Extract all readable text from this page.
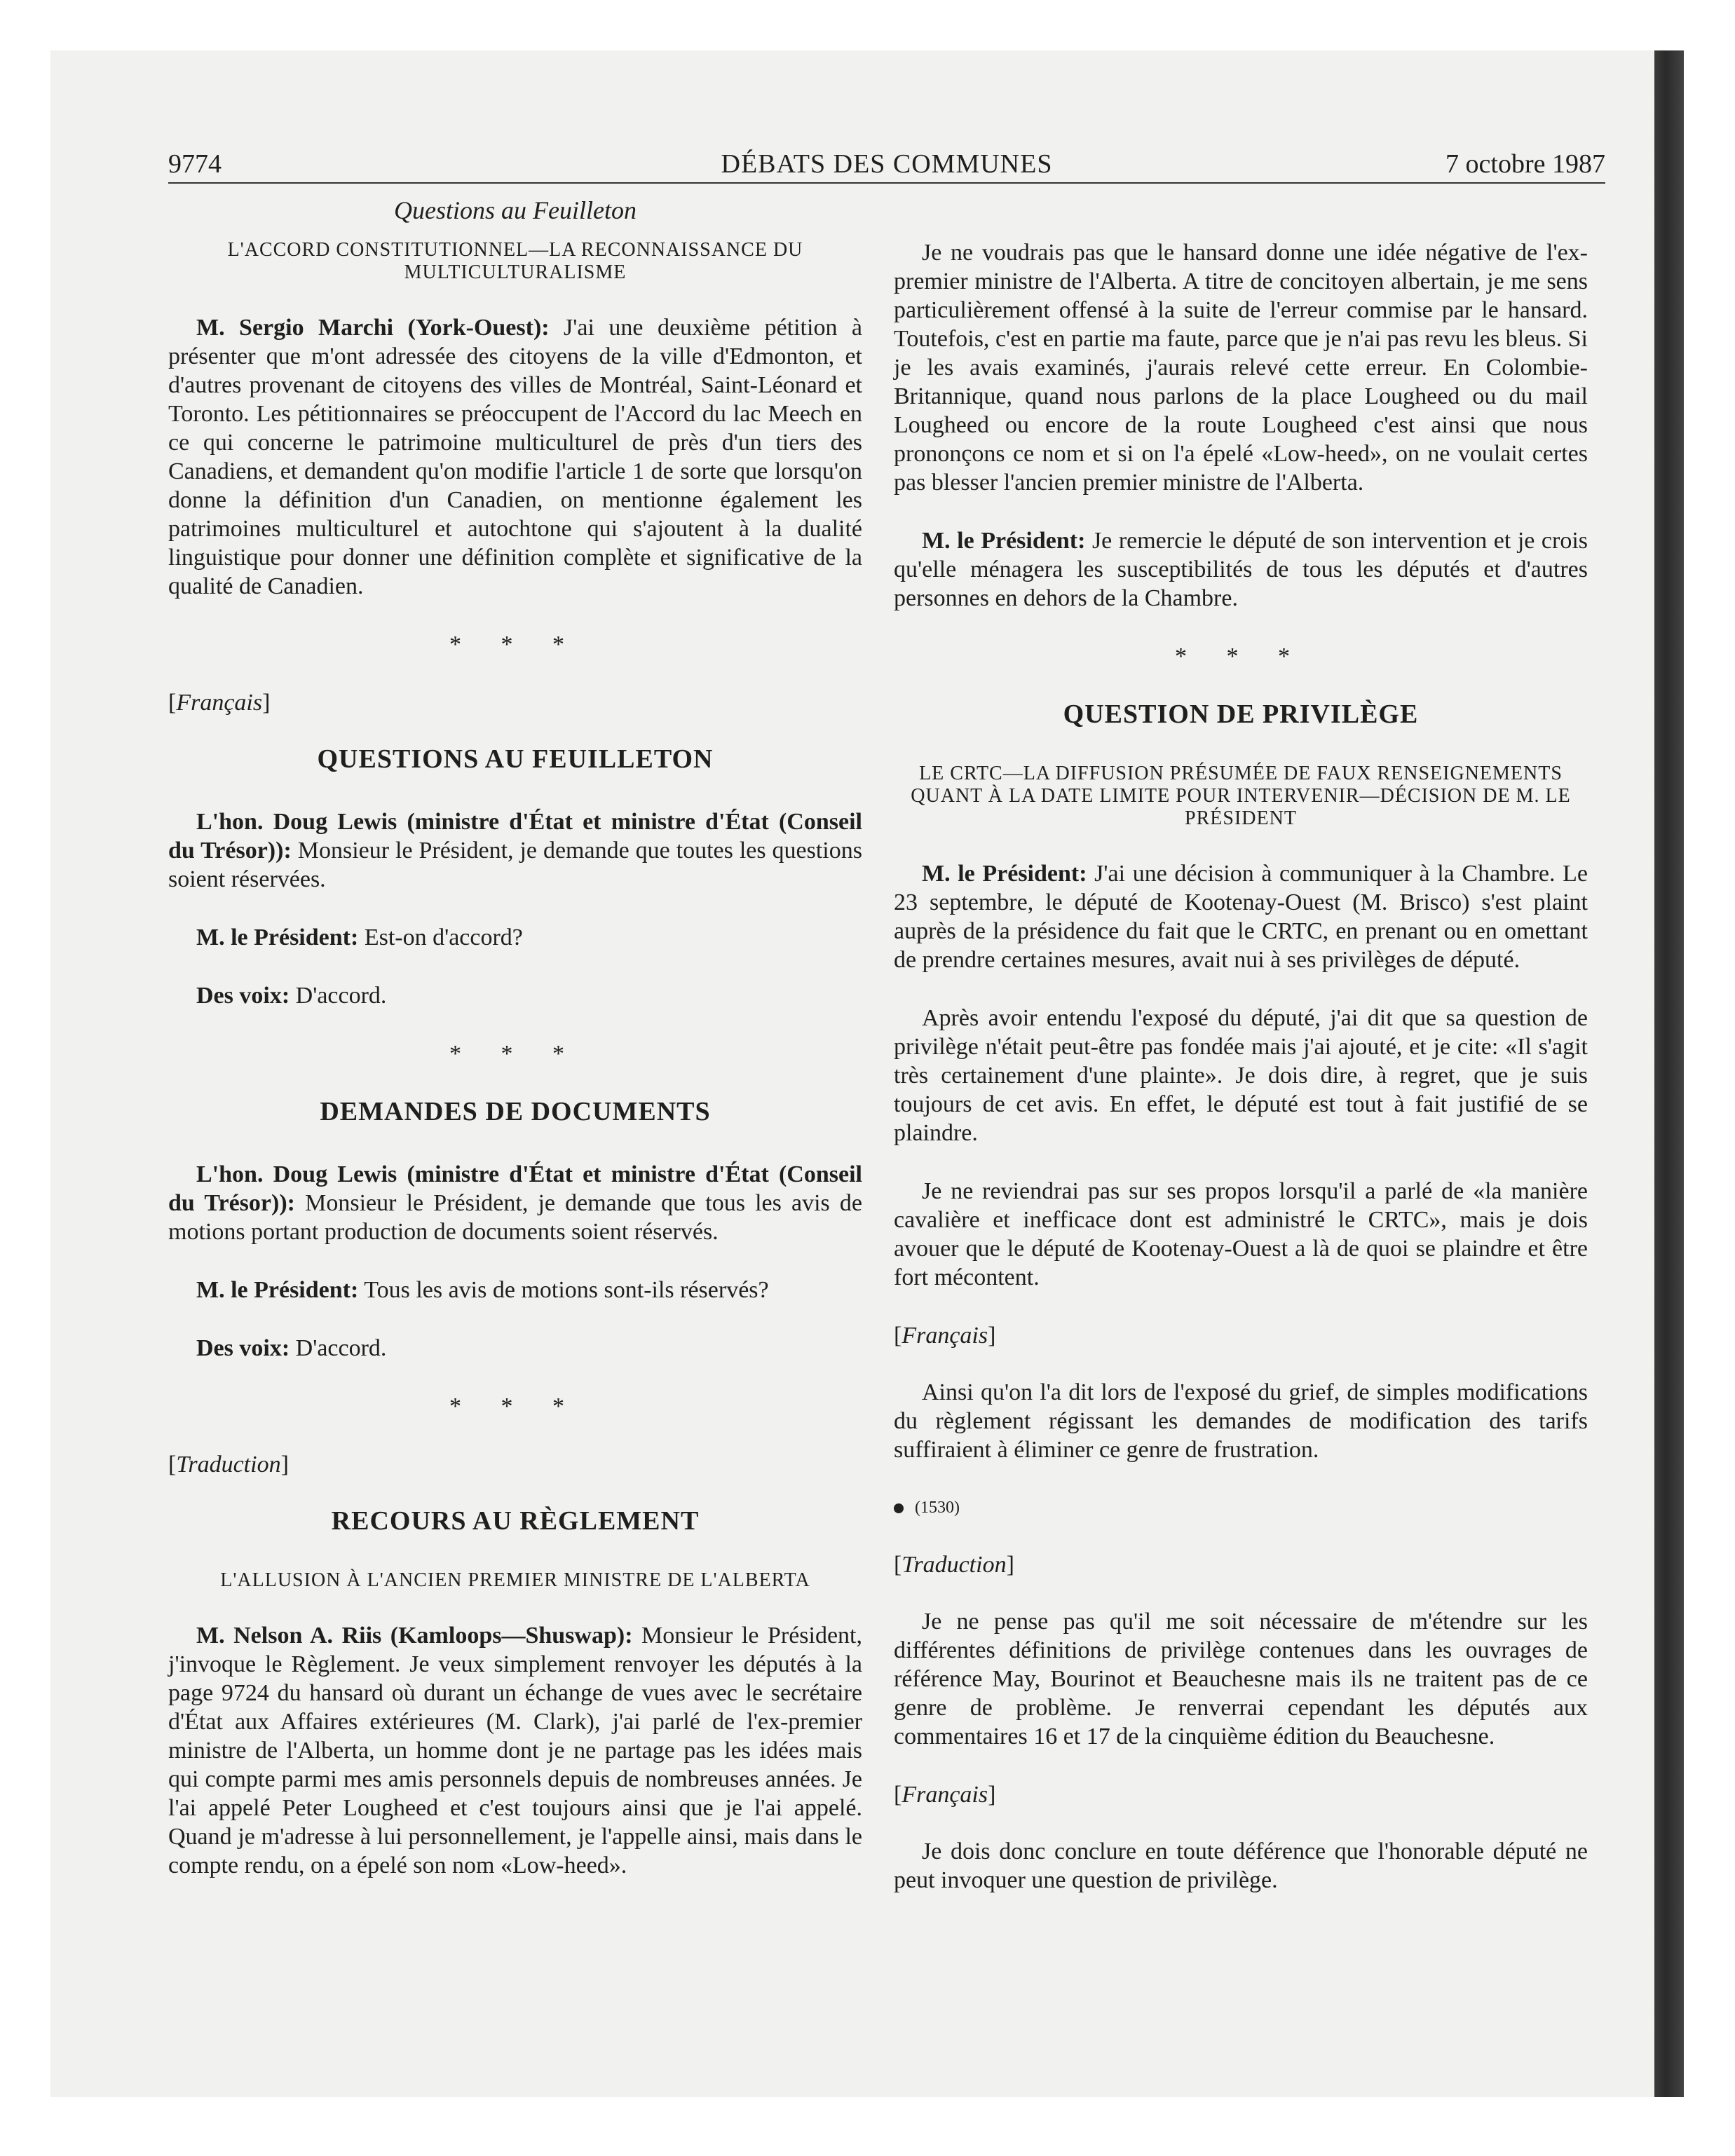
9774	DÉBATS DES COMMUNES	7 octobre 1987
Questions au Feuilleton
L'ACCORD CONSTITUTIONNEL—LA RECONNAISSANCE DU MULTICULTURALISME

M. Sergio Marchi (York-Ouest): J'ai une deuxième pétition à présenter que m'ont adressée des citoyens de la ville d'Edmonton, et d'autres provenant de citoyens des villes de Montréal, Saint-Léonard et Toronto. Les pétitionnaires se préoccupent de l'Accord du lac Meech en ce qui concerne le patrimoine multiculturel de près d'un tiers des Canadiens, et demandent qu'on modifie l'article 1 de sorte que lorsqu'on donne la définition d'un Canadien, on mentionne également les patrimoines multiculturel et autochtone qui s'ajoutent à la dualité linguistique pour donner une définition complète et significative de la qualité de Canadien.

* * *
[Français]
QUESTIONS AU FEUILLETON

L'hon. Doug Lewis (ministre d'État et ministre d'État (Conseil du Trésor)): Monsieur le Président, je demande que toutes les questions soient réservées.

M. le Président: Est-on d'accord?

Des voix: D'accord.

* * *
DEMANDES DE DOCUMENTS

L'hon. Doug Lewis (ministre d'État et ministre d'État (Conseil du Trésor)): Monsieur le Président, je demande que tous les avis de motions portant production de documents soient réservés.

M. le Président: Tous les avis de motions sont-ils réservés?

Des voix: D'accord.

* * *
[Traduction]
RECOURS AU RÈGLEMENT
L'ALLUSION À L'ANCIEN PREMIER MINISTRE DE L'ALBERTA

M. Nelson A. Riis (Kamloops—Shuswap): Monsieur le Président, j'invoque le Règlement. Je veux simplement renvoyer les députés à la page 9724 du hansard où durant un échange de vues avec le secrétaire d'État aux Affaires extérieures (M. Clark), j'ai parlé de l'ex-premier ministre de l'Alberta, un homme dont je ne partage pas les idées mais qui compte parmi mes amis personnels depuis de nombreuses années. Je l'ai appelé Peter Lougheed et c'est toujours ainsi que je l'ai appelé. Quand je m'adresse à lui personnellement, je l'appelle ainsi, mais dans le compte rendu, on a épelé son nom «Low-heed».

Je ne voudrais pas que le hansard donne une idée négative de l'ex-premier ministre de l'Alberta. A titre de concitoyen albertain, je me sens particulièrement offensé à la suite de l'erreur commise par le hansard. Toutefois, c'est en partie ma faute, parce que je n'ai pas revu les bleus. Si je les avais examinés, j'aurais relevé cette erreur. En Colombie-Britannique, quand nous parlons de la place Lougheed ou du mail Lougheed ou encore de la route Lougheed c'est ainsi que nous prononçons ce nom et si on l'a épelé «Low-heed», on ne voulait certes pas blesser l'ancien premier ministre de l'Alberta.

M. le Président: Je remercie le député de son intervention et je crois qu'elle ménagera les susceptibilités de tous les députés et d'autres personnes en dehors de la Chambre.

* * *
QUESTION DE PRIVILÈGE
LE CRTC—LA DIFFUSION PRÉSUMÉE DE FAUX RENSEIGNEMENTS QUANT À LA DATE LIMITE POUR INTERVENIR—DÉCISION DE M. LE PRÉSIDENT

M. le Président: J'ai une décision à communiquer à la Chambre. Le 23 septembre, le député de Kootenay-Ouest (M. Brisco) s'est plaint auprès de la présidence du fait que le CRTC, en prenant ou en omettant de prendre certaines mesures, avait nui à ses privilèges de député.

Après avoir entendu l'exposé du député, j'ai dit que sa question de privilège n'était peut-être pas fondée mais j'ai ajouté, et je cite: «Il s'agit très certainement d'une plainte». Je dois dire, à regret, que je suis toujours de cet avis. En effet, le député est tout à fait justifié de se plaindre.

Je ne reviendrai pas sur ses propos lorsqu'il a parlé de «la manière cavalière et inefficace dont est administré le CRTC», mais je dois avouer que le député de Kootenay-Ouest a là de quoi se plaindre et être fort mécontent.

[Français]

Ainsi qu'on l'a dit lors de l'exposé du grief, de simples modifications du règlement régissant les demandes de modification des tarifs suffiraient à éliminer ce genre de frustration.

(1530)
[Traduction]

Je ne pense pas qu'il me soit nécessaire de m'étendre sur les différentes définitions de privilège contenues dans les ouvrages de référence May, Bourinot et Beauchesne mais ils ne traitent pas de ce genre de problème. Je renverrai cependant les députés aux commentaires 16 et 17 de la cinquième édition du Beauchesne.

[Français]

Je dois donc conclure en toute déférence que l'honorable député ne peut invoquer une question de privilège.
